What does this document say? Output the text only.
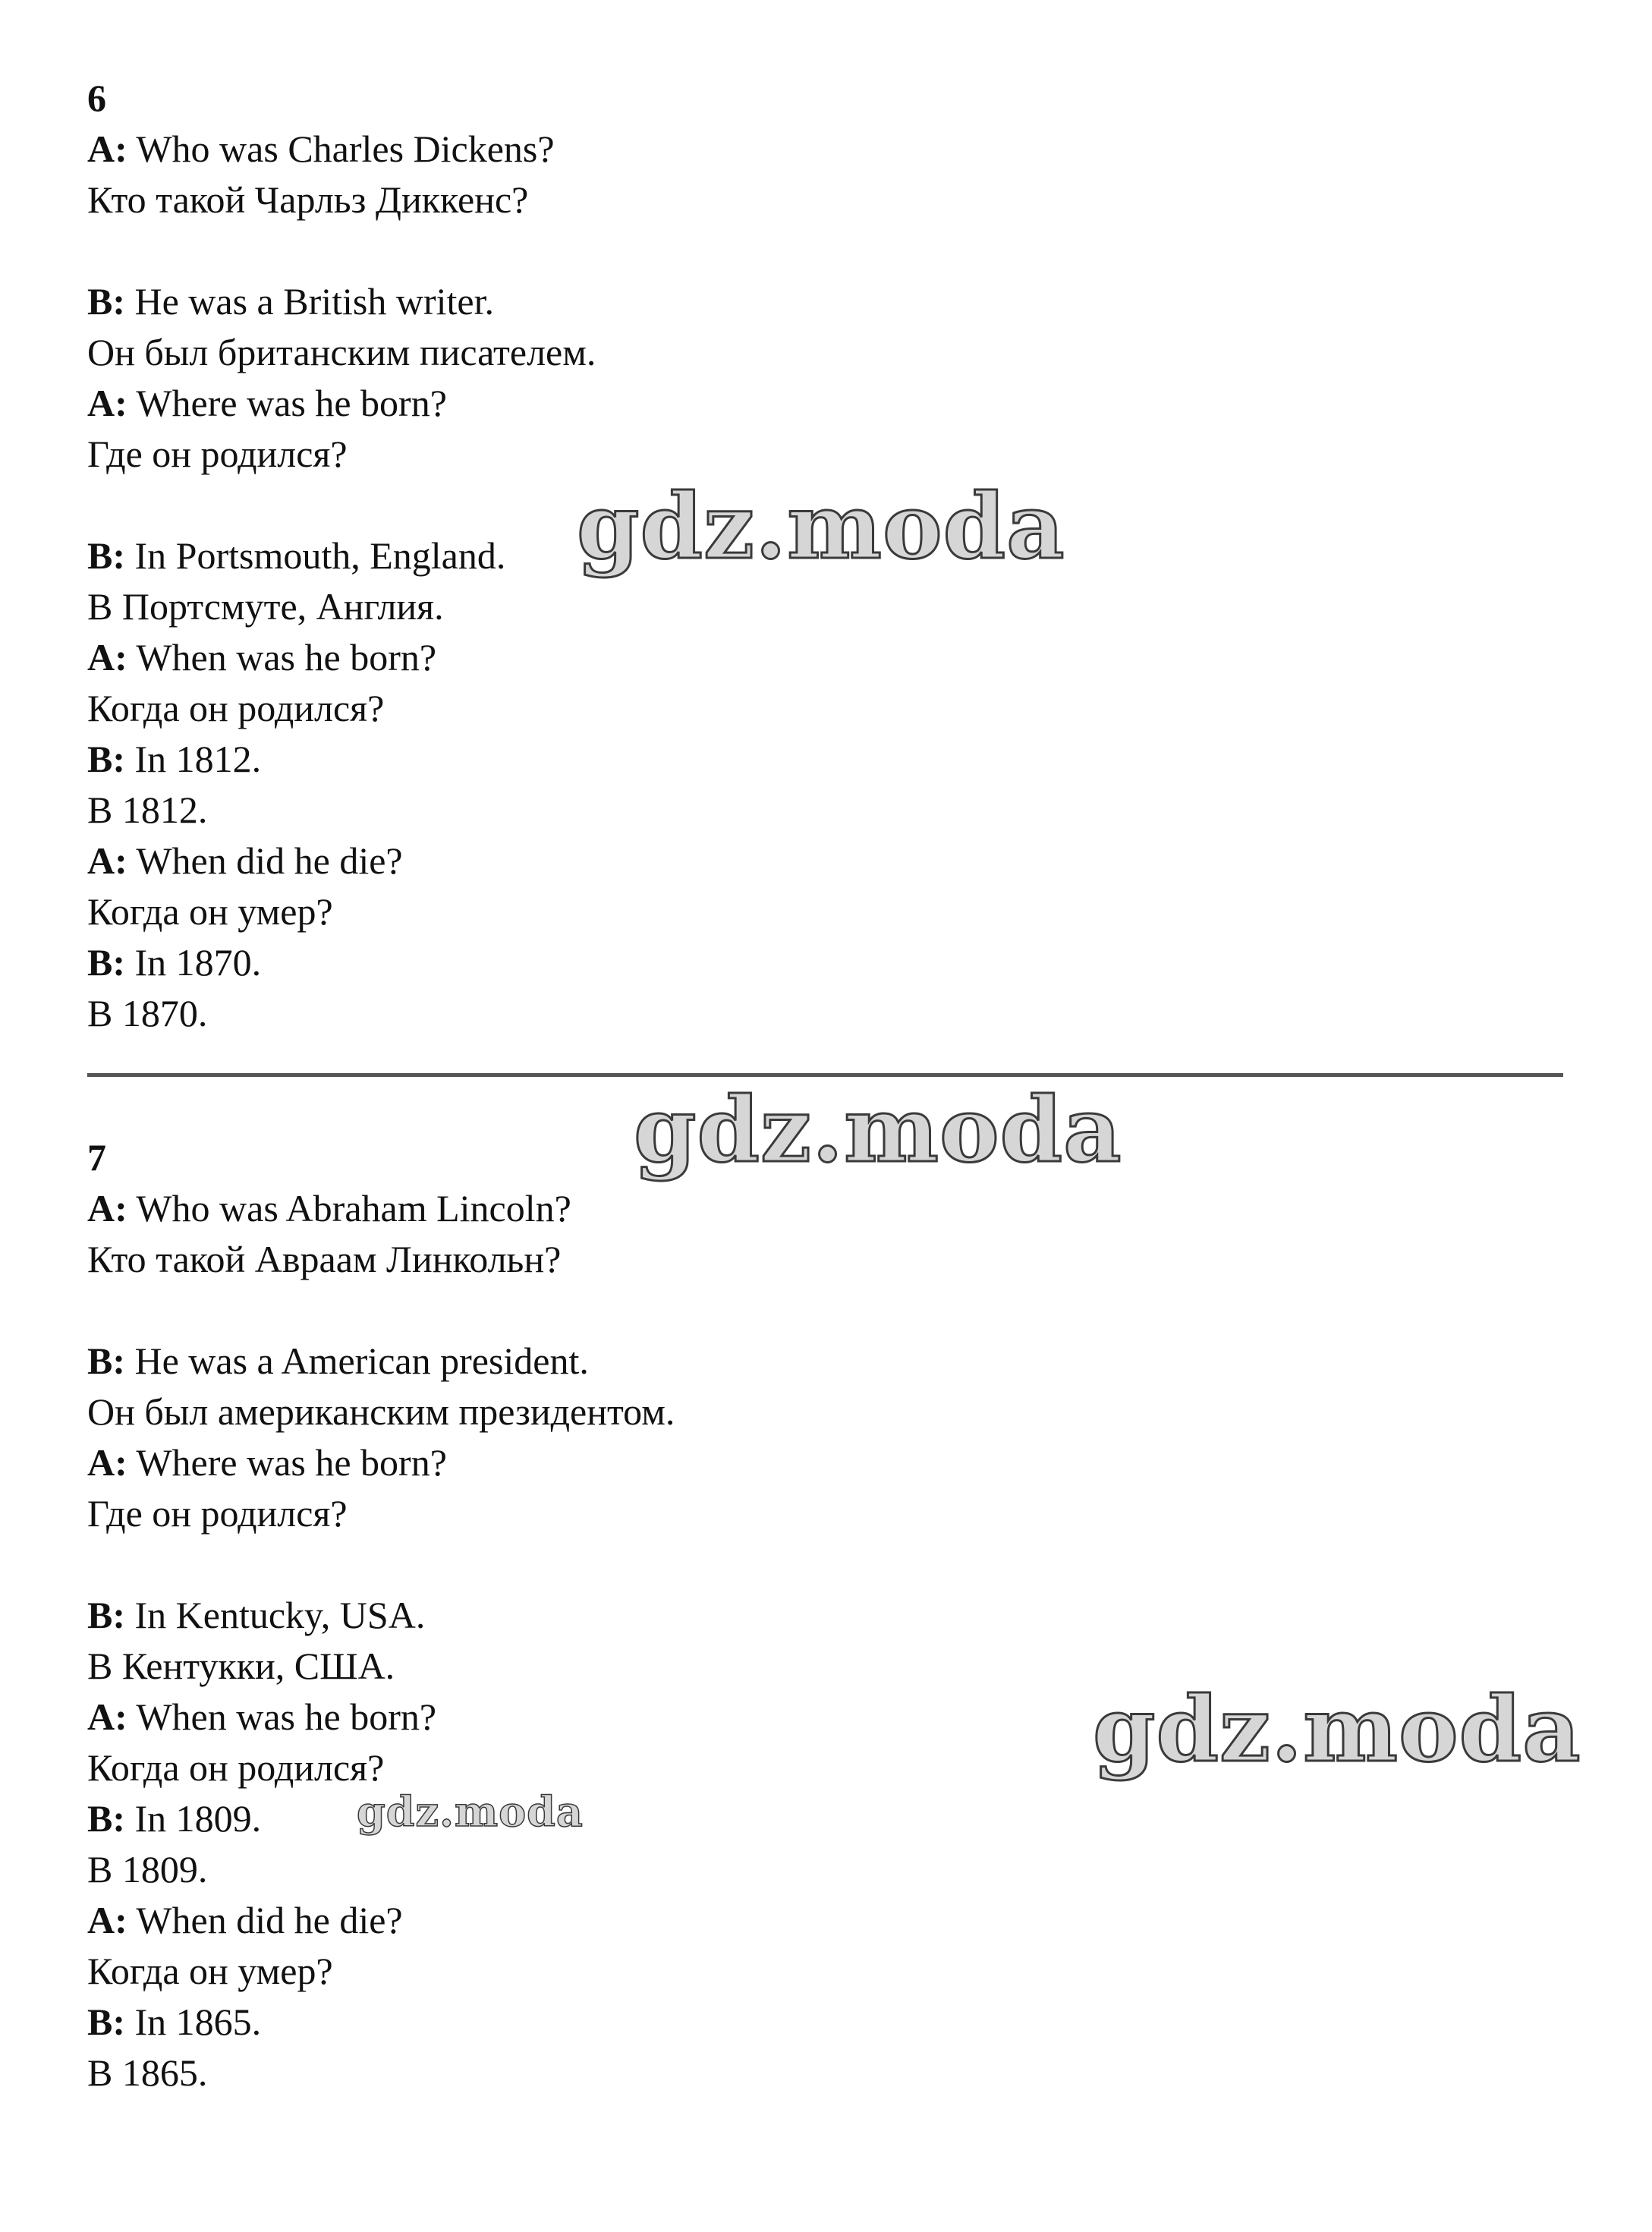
6
A: Who was Charles Dickens?
Кто такой Чарльз Диккенс?
B: He was a British writer.
Он был британским писателем.
A: Where was he born?
Где он родился?
B: In Portsmouth, England.
В Портсмуте, Англия.
A: When was he born?
Когда он родился?
B: In 1812.
В 1812.
A: When did he die?
Когда он умер?
B: In 1870.
В 1870.
7
A: Who was Abraham Lincoln?
Кто такой Авраам Линкольн?
B: He was a American president.
Он был американским президентом.
A: Where was he born?
Где он родился?
B: In Kentucky, USA.
В Кентукки, США.
A: When was he born?
Когда он родился?
B: In 1809.
В 1809.
A: When did he die?
Когда он умер?
B: In 1865.
В 1865.
gdz.moda
gdz.moda
gdz.moda
gdz.moda
